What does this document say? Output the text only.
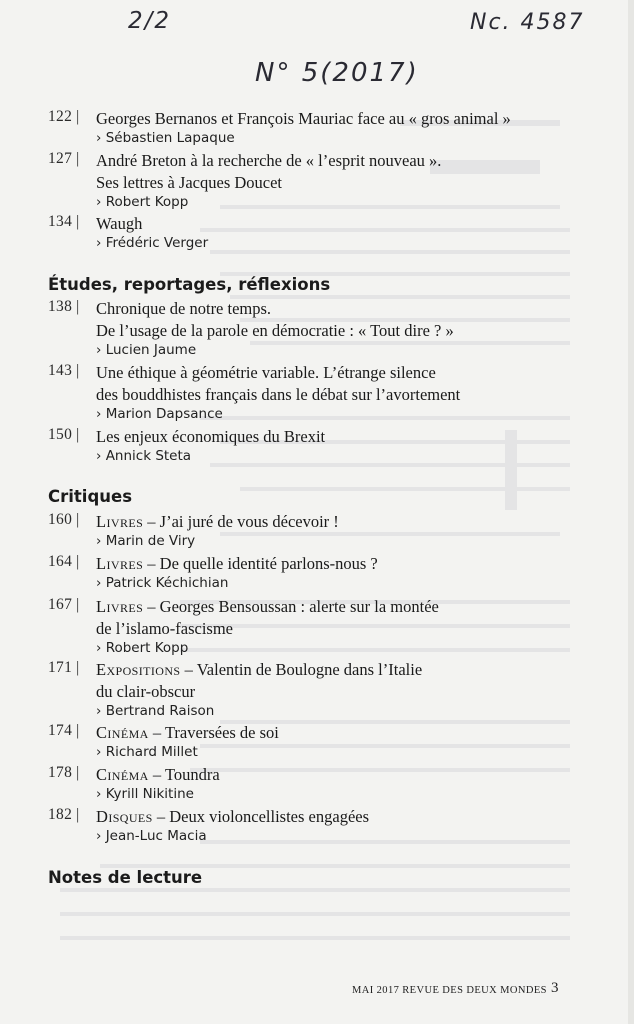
2/2	Nc. 4587
N° 5(2017)
122 | Georges Bernanos et François Mauriac face au « gros animal »
› Sébastien Lapaque
127 | André Breton à la recherche de « l’esprit nouveau ».
Ses lettres à Jacques Doucet
› Robert Kopp
134 | Waugh
› Frédéric Verger
Études, reportages, réflexions
138 | Chronique de notre temps.
De l’usage de la parole en démocratie : « Tout dire ? »
› Lucien Jaume
143 | Une éthique à géométrie variable. L’étrange silence
des bouddhistes français dans le débat sur l’avortement
› Marion Dapsance
150 | Les enjeux économiques du Brexit
› Annick Steta
Critiques
160 | Livres – J’ai juré de vous décevoir !
› Marin de Viry
164 | Livres – De quelle identité parlons-nous ?
› Patrick Kéchichian
167 | Livres – Georges Bensoussan : alerte sur la montée
de l’islamo-fascisme
› Robert Kopp
171 | Expositions – Valentin de Boulogne dans l’Italie
du clair-obscur
› Bertrand Raison
174 | Cinéma – Traversées de soi
› Richard Millet
178 | Cinéma – Toundra
› Kyrill Nikitine
182 | Disques – Deux violoncellistes engagées
› Jean-Luc Macia
Notes de lecture
MAI 2017 REVUE DES DEUX MONDES 3
